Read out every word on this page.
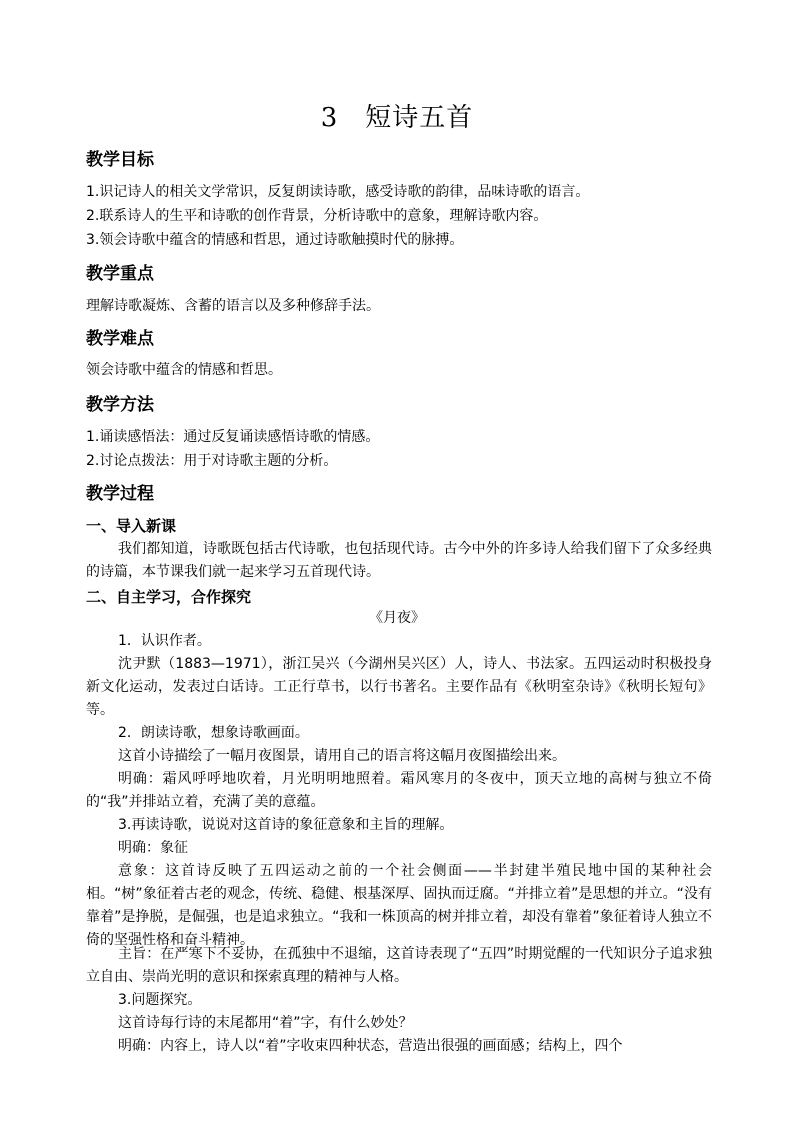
3　短诗五首
教学目标
1.识记诗人的相关文学常识，反复朗读诗歌，感受诗歌的韵律，品味诗歌的语言。
2.联系诗人的生平和诗歌的创作背景，分析诗歌中的意象，理解诗歌内容。
3.领会诗歌中蕴含的情感和哲思，通过诗歌触摸时代的脉搏。
教学重点
理解诗歌凝炼、含蓄的语言以及多种修辞手法。
教学难点
领会诗歌中蕴含的情感和哲思。
教学方法
1.诵读感悟法：通过反复诵读感悟诗歌的情感。
2.讨论点拨法：用于对诗歌主题的分析。
教学过程
一、导入新课
我们都知道，诗歌既包括古代诗歌，也包括现代诗。古今中外的许多诗人给我们留下了众多经典的诗篇，本节课我们就一起来学习五首现代诗。
二、自主学习，合作探究
《月夜》
1．认识作者。
沈尹默（1883—1971），浙江吴兴（今湖州吴兴区）人，诗人、书法家。五四运动时积极投身新文化运动，发表过白话诗。工正行草书，以行书著名。主要作品有《秋明室杂诗》《秋明长短句》等。
2．朗读诗歌，想象诗歌画面。
这首小诗描绘了一幅月夜图景，请用自己的语言将这幅月夜图描绘出来。
明确：霜风呼呼地吹着，月光明明地照着。霜风寒月的冬夜中，顶天立地的高树与独立不倚的“我”并排站立着，充满了美的意蕴。
3.再读诗歌，说说对这首诗的象征意象和主旨的理解。
明确：象征
意象：这首诗反映了五四运动之前的一个社会侧面——半封建半殖民地中国的某种社会相。“树”象征着古老的观念，传统、稳健、根基深厚、固执而迂腐。“并排立着”是思想的并立。“没有靠着”是挣脱，是倔强，也是追求独立。“我和一株顶高的树并排立着，却没有靠着”象征着诗人独立不倚的坚强性格和奋斗精神。
主旨：在严寒下不妥协，在孤独中不退缩，这首诗表现了“五四”时期觉醒的一代知识分子追求独立自由、崇尚光明的意识和探索真理的精神与人格。
3.问题探究。
这首诗每行诗的末尾都用“着”字，有什么妙处？
明确：内容上，诗人以“着”字收束四种状态，营造出很强的画面感；结构上，四个
